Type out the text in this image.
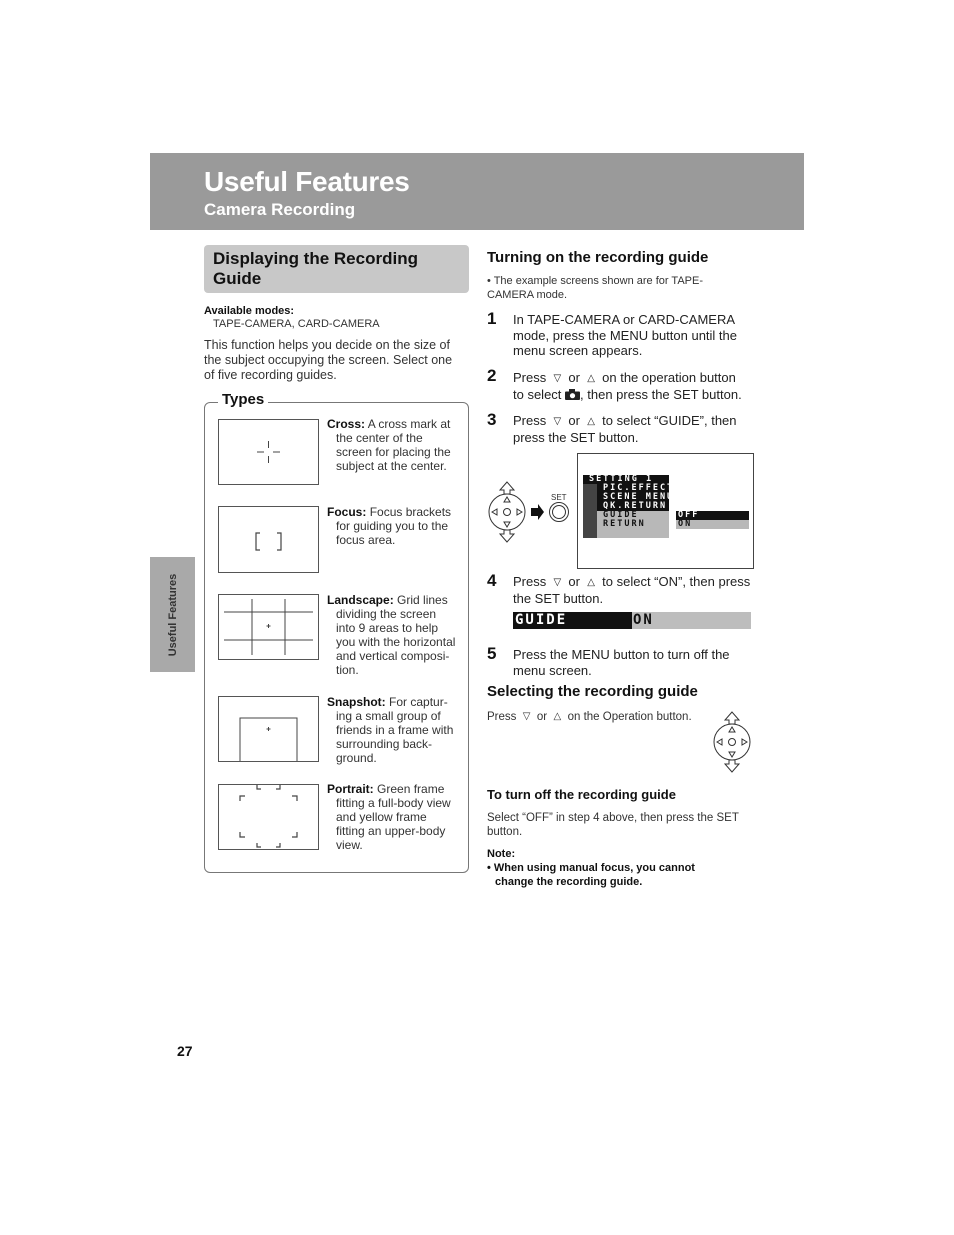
Useful Features
Camera Recording
Useful Features
Displaying the Recording Guide
Available modes:
TAPE-CAMERA, CARD-CAMERA
This function helps you decide on the size of the subject occupying the screen. Select one of five recording guides.
Types
Cross: A cross mark at
the center of the
screen for placing the
subject at the center.
Focus: Focus brackets
for guiding you to the
focus area.
Landscape: Grid lines
dividing the screen
into 9 areas to help
you with the horizontal
and vertical composi-
tion.
Snapshot: For captur-
ing a small group of
friends in a frame with
surrounding back-
ground.
Portrait: Green frame
fitting a full-body view
and yellow frame
fitting an upper-body
view.
Turning on the recording guide
• The example screens shown are for TAPE-CAMERA mode.
1 In TAPE-CAMERA or CARD-CAMERA mode, press the MENU button until the menu screen appears.
2 Press ▽ or △ on the operation button
to select , then press the SET button.
3 Press ▽ or △ to select “GUIDE”, then
press the SET button.
SET
SETTING 1
PIC.EFFECT
SCENE MENU
QK.RETURN
GUIDE
RETURN
OFF
ON
4 Press ▽ or △ to select “ON”, then press
the SET button.
GUIDE	ON
5 Press the MENU button to turn off the menu screen.
Selecting the recording guide
Press ▽ or △ on the Operation button.
To turn off the recording guide
Select “OFF” in step 4 above, then press the SET button.
Note:
• When using manual focus, you cannot change the recording guide.
27
